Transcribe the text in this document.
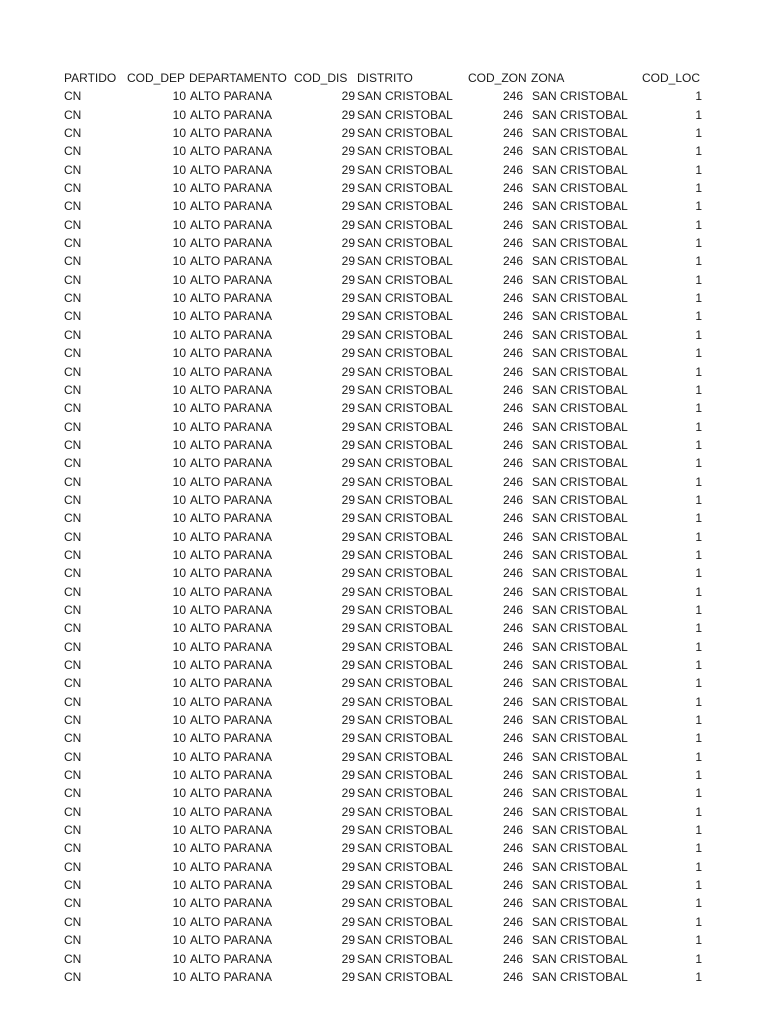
PARTIDO COD_DEP DEPARTAMENTO COD_DIS DISTRITO	COD_ZON ZONA	COD_LOC
CN	10 ALTO PARANA	29 SAN CRISTOBAL	246 SAN CRISTOBAL	1
CN	10 ALTO PARANA	29 SAN CRISTOBAL	246 SAN CRISTOBAL	1
CN	10 ALTO PARANA	29 SAN CRISTOBAL	246 SAN CRISTOBAL	1
CN	10 ALTO PARANA	29 SAN CRISTOBAL	246 SAN CRISTOBAL	1
CN	10 ALTO PARANA	29 SAN CRISTOBAL	246 SAN CRISTOBAL	1
CN	10 ALTO PARANA	29 SAN CRISTOBAL	246 SAN CRISTOBAL	1
CN	10 ALTO PARANA	29 SAN CRISTOBAL	246 SAN CRISTOBAL	1
CN	10 ALTO PARANA	29 SAN CRISTOBAL	246 SAN CRISTOBAL	1
CN	10 ALTO PARANA	29 SAN CRISTOBAL	246 SAN CRISTOBAL	1
CN	10 ALTO PARANA	29 SAN CRISTOBAL	246 SAN CRISTOBAL	1
CN	10 ALTO PARANA	29 SAN CRISTOBAL	246 SAN CRISTOBAL	1
CN	10 ALTO PARANA	29 SAN CRISTOBAL	246 SAN CRISTOBAL	1
CN	10 ALTO PARANA	29 SAN CRISTOBAL	246 SAN CRISTOBAL	1
CN	10 ALTO PARANA	29 SAN CRISTOBAL	246 SAN CRISTOBAL	1
CN	10 ALTO PARANA	29 SAN CRISTOBAL	246 SAN CRISTOBAL	1
CN	10 ALTO PARANA	29 SAN CRISTOBAL	246 SAN CRISTOBAL	1
CN	10 ALTO PARANA	29 SAN CRISTOBAL	246 SAN CRISTOBAL	1
CN	10 ALTO PARANA	29 SAN CRISTOBAL	246 SAN CRISTOBAL	1
CN	10 ALTO PARANA	29 SAN CRISTOBAL	246 SAN CRISTOBAL	1
CN	10 ALTO PARANA	29 SAN CRISTOBAL	246 SAN CRISTOBAL	1
CN	10 ALTO PARANA	29 SAN CRISTOBAL	246 SAN CRISTOBAL	1
CN	10 ALTO PARANA	29 SAN CRISTOBAL	246 SAN CRISTOBAL	1
CN	10 ALTO PARANA	29 SAN CRISTOBAL	246 SAN CRISTOBAL	1
CN	10 ALTO PARANA	29 SAN CRISTOBAL	246 SAN CRISTOBAL	1
CN	10 ALTO PARANA	29 SAN CRISTOBAL	246 SAN CRISTOBAL	1
CN	10 ALTO PARANA	29 SAN CRISTOBAL	246 SAN CRISTOBAL	1
CN	10 ALTO PARANA	29 SAN CRISTOBAL	246 SAN CRISTOBAL	1
CN	10 ALTO PARANA	29 SAN CRISTOBAL	246 SAN CRISTOBAL	1
CN	10 ALTO PARANA	29 SAN CRISTOBAL	246 SAN CRISTOBAL	1
CN	10 ALTO PARANA	29 SAN CRISTOBAL	246 SAN CRISTOBAL	1
CN	10 ALTO PARANA	29 SAN CRISTOBAL	246 SAN CRISTOBAL	1
CN	10 ALTO PARANA	29 SAN CRISTOBAL	246 SAN CRISTOBAL	1
CN	10 ALTO PARANA	29 SAN CRISTOBAL	246 SAN CRISTOBAL	1
CN	10 ALTO PARANA	29 SAN CRISTOBAL	246 SAN CRISTOBAL	1
CN	10 ALTO PARANA	29 SAN CRISTOBAL	246 SAN CRISTOBAL	1
CN	10 ALTO PARANA	29 SAN CRISTOBAL	246 SAN CRISTOBAL	1
CN	10 ALTO PARANA	29 SAN CRISTOBAL	246 SAN CRISTOBAL	1
CN	10 ALTO PARANA	29 SAN CRISTOBAL	246 SAN CRISTOBAL	1
CN	10 ALTO PARANA	29 SAN CRISTOBAL	246 SAN CRISTOBAL	1
CN	10 ALTO PARANA	29 SAN CRISTOBAL	246 SAN CRISTOBAL	1
CN	10 ALTO PARANA	29 SAN CRISTOBAL	246 SAN CRISTOBAL	1
CN	10 ALTO PARANA	29 SAN CRISTOBAL	246 SAN CRISTOBAL	1
CN	10 ALTO PARANA	29 SAN CRISTOBAL	246 SAN CRISTOBAL	1
CN	10 ALTO PARANA	29 SAN CRISTOBAL	246 SAN CRISTOBAL	1
CN	10 ALTO PARANA	29 SAN CRISTOBAL	246 SAN CRISTOBAL	1
CN	10 ALTO PARANA	29 SAN CRISTOBAL	246 SAN CRISTOBAL	1
CN	10 ALTO PARANA	29 SAN CRISTOBAL	246 SAN CRISTOBAL	1
CN	10 ALTO PARANA	29 SAN CRISTOBAL	246 SAN CRISTOBAL	1
CN	10 ALTO PARANA	29 SAN CRISTOBAL	246 SAN CRISTOBAL	1
